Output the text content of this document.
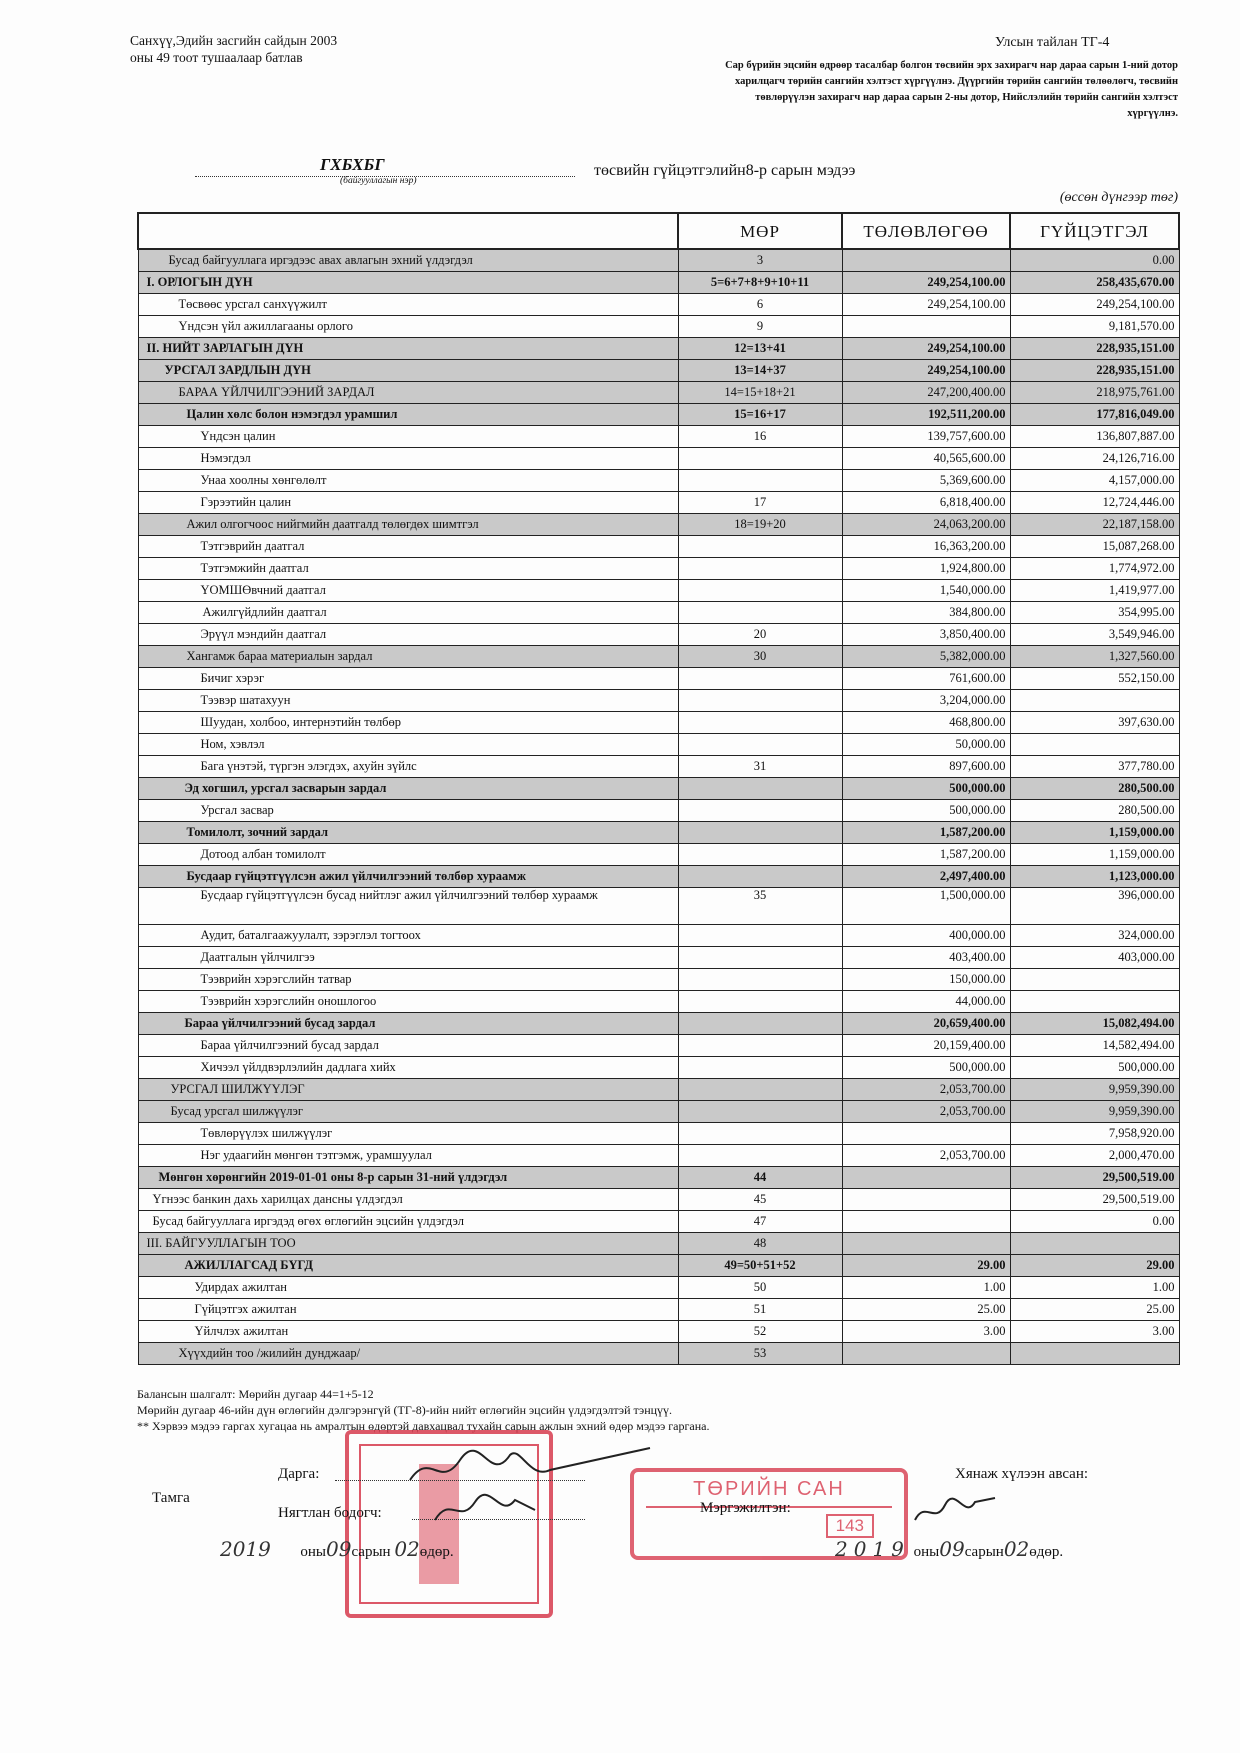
Санхүү,Эдийн засгийн сайдын 2003 оны 49 тоот тушаалаар батлав
Улсын тайлан ТГ-4
Сар бүрийн эцсийн өдрөөр тасалбар болгон төсвийн эрх захирагч нар дараа сарын 1-ний дотор харилцагч төрийн сангийн хэлтэст хүргүүлнэ. Дүүргийн төрийн сангийн төлөөлөгч, төсвийн төвлөрүүлэн захирагч нар дараа сарын 2-ны дотор, Нийслэлийн төрийн сангийн хэлтэст хүргүүлнэ.
ГХБХБГ
(байгууллагын нэр)
төсвийн гүйцэтгэлийн8-р сарын мэдээ
(өссөн дүнгээр төг)
	МӨР	ТӨЛӨВЛӨГӨӨ	ГҮЙЦЭТГЭЛ
Бусад байгууллага иргэдээс авах авлагын эхний үлдэгдэл	3		0.00
I. ОРЛОГЫН ДҮН	5=6+7+8+9+10+11	249,254,100.00	258,435,670.00
Төсвөөс урсгал санхүүжилт	6	249,254,100.00	249,254,100.00
Үндсэн үйл ажиллагааны орлого	9		9,181,570.00
II. НИЙТ ЗАРЛАГЫН ДҮН	12=13+41	249,254,100.00	228,935,151.00
УРСГАЛ ЗАРДЛЫН ДҮН	13=14+37	249,254,100.00	228,935,151.00
БАРАА ҮЙЛЧИЛГЭЭНИЙ ЗАРДАЛ	14=15+18+21	247,200,400.00	218,975,761.00
Цалин хөлс болон нэмэгдэл урамшил	15=16+17	192,511,200.00	177,816,049.00
Үндсэн цалин	16	139,757,600.00	136,807,887.00
Нэмэгдэл		40,565,600.00	24,126,716.00
Унаа хоолны хөнгөлөлт		5,369,600.00	4,157,000.00
Гэрээтийн цалин	17	6,818,400.00	12,724,446.00
Ажил олгогчоос нийгмийн даатгалд төлөгдөх шимтгэл	18=19+20	24,063,200.00	22,187,158.00
Тэтгэврийн даатгал		16,363,200.00	15,087,268.00
Тэтгэмжийн даатгал		1,924,800.00	1,774,972.00
ҮОМШӨвчний даатгал		1,540,000.00	1,419,977.00
Ажилгүйдлийн даатгал		384,800.00	354,995.00
Эрүүл мэндийн даатгал	20	3,850,400.00	3,549,946.00
Хангамж бараа материалын зардал	30	5,382,000.00	1,327,560.00
Бичиг хэрэг		761,600.00	552,150.00
Тээвэр шатахуун		3,204,000.00	
Шуудан, холбоо, интернэтийн төлбөр		468,800.00	397,630.00
Ном, хэвлэл		50,000.00	
Бага үнэтэй, түргэн элэгдэх, ахуйн зүйлс	31	897,600.00	377,780.00
Эд хогшил, урсгал засварын зардал		500,000.00	280,500.00
Урсгал засвар		500,000.00	280,500.00
Томилолт, зочний зардал		1,587,200.00	1,159,000.00
Дотоод албан томилолт		1,587,200.00	1,159,000.00
Бусдаар гүйцэтгүүлсэн ажил үйлчилгээний төлбөр хураамж		2,497,400.00	1,123,000.00
Бусдаар гүйцэтгүүлсэн бусад нийтлэг ажил үйлчилгээний төлбөр хураамж	35	1,500,000.00	396,000.00
Аудит, баталгаажуулалт, зэрэглэл тогтоох		400,000.00	324,000.00
Даатгалын үйлчилгээ		403,400.00	403,000.00
Тээврийн хэрэгслийн татвар		150,000.00	
Тээврийн хэрэгслийн оношлогоо		44,000.00	
Бараа үйлчилгээний бусад зардал		20,659,400.00	15,082,494.00
Бараа үйлчилгээний бусад зардал		20,159,400.00	14,582,494.00
Хичээл үйлдвэрлэлийн дадлага хийх		500,000.00	500,000.00
УРСГАЛ ШИЛЖҮҮЛЭГ		2,053,700.00	9,959,390.00
Бусад урсгал шилжүүлэг		2,053,700.00	9,959,390.00
Төвлөрүүлэх шилжүүлэг			7,958,920.00
Нэг удаагийн мөнгөн тэтгэмж, урамшуулал		2,053,700.00	2,000,470.00
Мөнгөн хөрөнгийн 2019-01-01 оны 8-р сарын 31-ний үлдэгдэл	44		29,500,519.00
Үгнээс банкин дахь харилцах дансны үлдэгдэл	45		29,500,519.00
Бусад байгууллага иргэдэд өгөх өглөгийн эцсийн үлдэгдэл	47		0.00
III. БАЙГУУЛЛАГЫН ТОО	48		
АЖИЛЛАГСАД БҮГД	49=50+51+52	29.00	29.00
Удирдах ажилтан	50	1.00	1.00
Гүйцэтгэх ажилтан	51	25.00	25.00
Үйлчлэх ажилтан	52	3.00	3.00
Хүүхдийн тоо /жилийн дунджаар/	53		
Балансын шалгалт: Мөрийн дугаар 44=1+5-12
Мөрийн дугаар 46-ийн дүн өглөгийн дэлгэрэнгүй (ТГ-8)-ийн нийт өглөгийн эцсийн үлдэгдэлтэй тэнцүү.
** Хэрвээ мэдээ гаргах хугацаа нь амралтын өдөртэй давхацвал тухайн сарын ажлын эхний өдөр мэдээ гаргана.
Тамга
Дарга:
Нягтлан бодогч:
2019 оны09сарын 02өдөр.
ТӨРИЙН САН
143
Мэргэжилтэн:
Хянаж хүлээн авсан:
2019 оны09сарын02өдөр.
